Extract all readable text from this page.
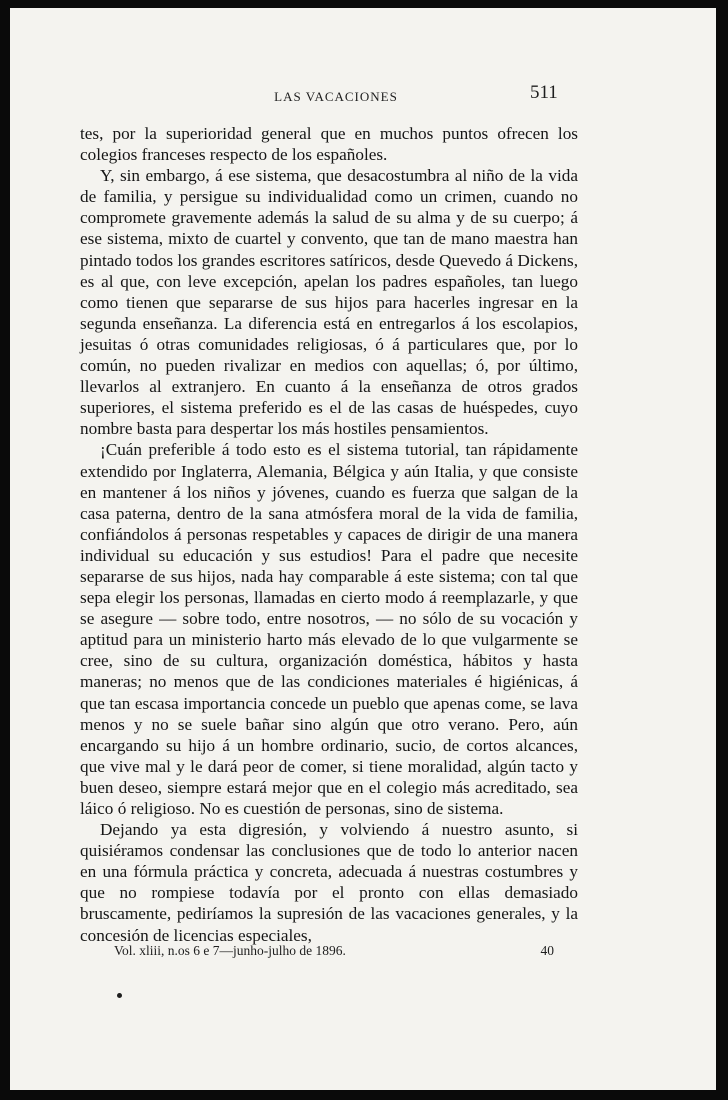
LAS VACACIONES	511

tes, por la superioridad general que en muchos puntos ofrecen los colegios franceses respecto de los españoles.

Y, sin embargo, á ese sistema, que desacostumbra al niño de la vida de familia, y persigue su individualidad como un crimen, cuando no compromete gravemente además la salud de su alma y de su cuerpo; á ese sistema, mixto de cuartel y convento, que tan de mano maestra han pintado todos los grandes escritores satíricos, desde Quevedo á Dickens, es al que, con leve excepción, apelan los padres españoles, tan luego como tienen que separarse de sus hijos para hacerles ingresar en la segunda enseñanza. La diferencia está en entregarlos á los escolapios, jesuitas ó otras comunidades religiosas, ó á particulares que, por lo común, no pueden rivalizar en medios con aquellas; ó, por último, llevarlos al extranjero. En cuanto á la enseñanza de otros grados superiores, el sistema preferido es el de las casas de huéspedes, cuyo nombre basta para despertar los más hostiles pensamientos.

¡Cuán preferible á todo esto es el sistema tutorial, tan rápidamente extendido por Inglaterra, Alemania, Bélgica y aún Italia, y que consiste en mantener á los niños y jóvenes, cuando es fuerza que salgan de la casa paterna, dentro de la sana atmósfera moral de la vida de familia, confiándolos á personas respetables y capaces de dirigir de una manera individual su educación y sus estudios! Para el padre que necesite separarse de sus hijos, nada hay comparable á este sistema; con tal que sepa elegir los personas, llamadas en cierto modo á reemplazarle, y que se asegure — sobre todo, entre nosotros, — no sólo de su vocación y aptitud para un ministerio harto más elevado de lo que vulgarmente se cree, sino de su cultura, organización doméstica, hábitos y hasta maneras; no menos que de las condiciones materiales é higiénicas, á que tan escasa importancia concede un pueblo que apenas come, se lava menos y no se suele bañar sino algún que otro verano. Pero, aún encargando su hijo á un hombre ordinario, sucio, de cortos alcances, que vive mal y le dará peor de comer, si tiene moralidad, algún tacto y buen deseo, siempre estará mejor que en el colegio más acreditado, sea láico ó religioso. No es cuestión de personas, sino de sistema.

Dejando ya esta digresión, y volviendo á nuestro asunto, si quisiéramos condensar las conclusiones que de todo lo anterior nacen en una fórmula práctica y concreta, adecuada á nuestras costumbres y que no rompiese todavía por el pronto con ellas demasiado bruscamente, pediríamos la supresión de las vacaciones generales, y la concesión de licencias especiales,

Vol. xliii, n.os 6 e 7—junho-julho de 1896.	40
